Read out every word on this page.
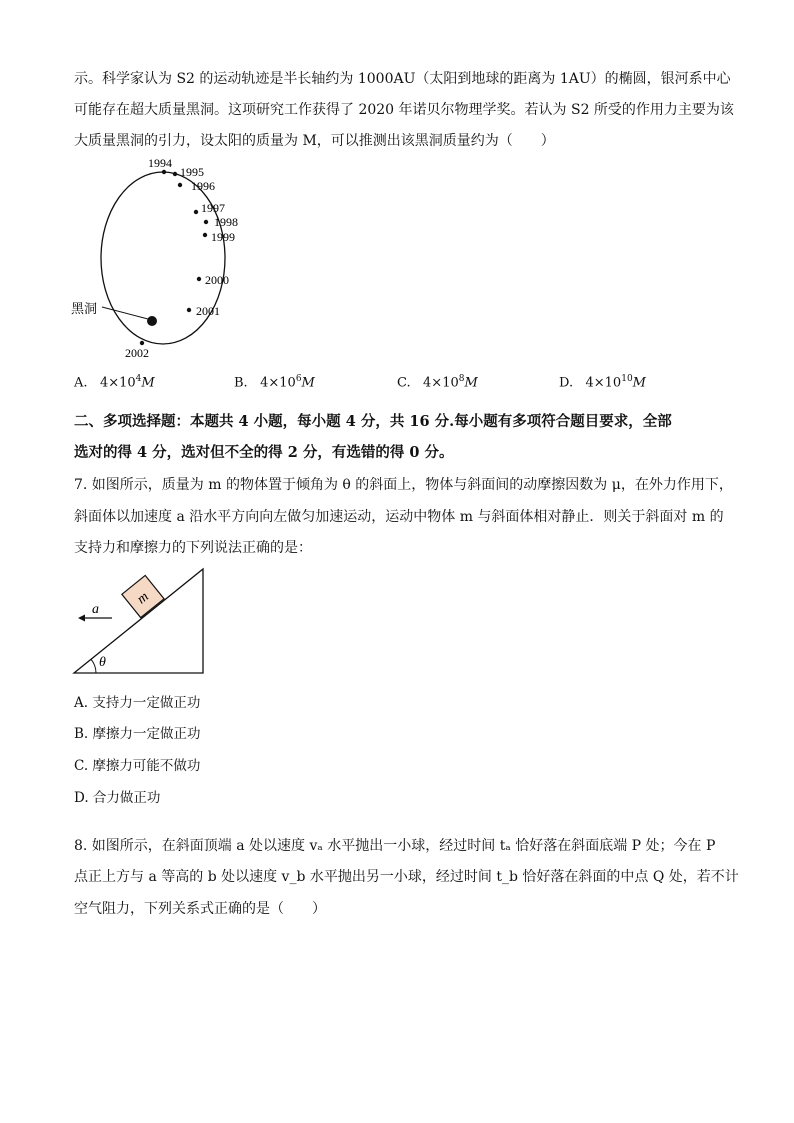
示。科学家认为 S2 的运动轨迹是半长轴约为 1000AU（太阳到地球的距离为 1AU）的椭圆，银河系中心
可能存在超大质量黑洞。这项研究工作获得了 2020 年诺贝尔物理学奖。若认为 S2 所受的作用力主要为该
大质量黑洞的引力，设太阳的质量为 M，可以推测出该黑洞质量约为（　　）
1994
1995
1996
1997
1998
1999
2000
2001
2002
黑洞
A. $4\times 10^4M$	B. $4\times 10^6M$	C. $4\times 10^8M$	D. $4\times 10^{10}M$
二、多项选择题：本题共 4 小题，每小题 4 分，共 16 分.每小题有多项符合题目要求，全部
选对的得 4 分，选对但不全的得 2 分，有选错的得 0 分。
7. 如图所示，质量为 m 的物体置于倾角为 θ 的斜面上，物体与斜面间的动摩擦因数为 μ，在外力作用下，
斜面体以加速度 a 沿水平方向向左做匀加速运动，运动中物体 m 与斜面体相对静止．则关于斜面对 m 的
支持力和摩擦力的下列说法正确的是：
θ
m
a
A. 支持力一定做正功
B. 摩擦力一定做正功
C. 摩擦力可能不做功
D. 合力做正功
8. 如图所示，在斜面顶端 a 处以速度 vₐ 水平抛出一小球，经过时间 tₐ 恰好落在斜面底端 P 处；今在 P
点正上方与 a 等高的 b 处以速度 v_b 水平抛出另一小球，经过时间 t_b 恰好落在斜面的中点 Q 处，若不计
空气阻力，下列关系式正确的是（　　）
